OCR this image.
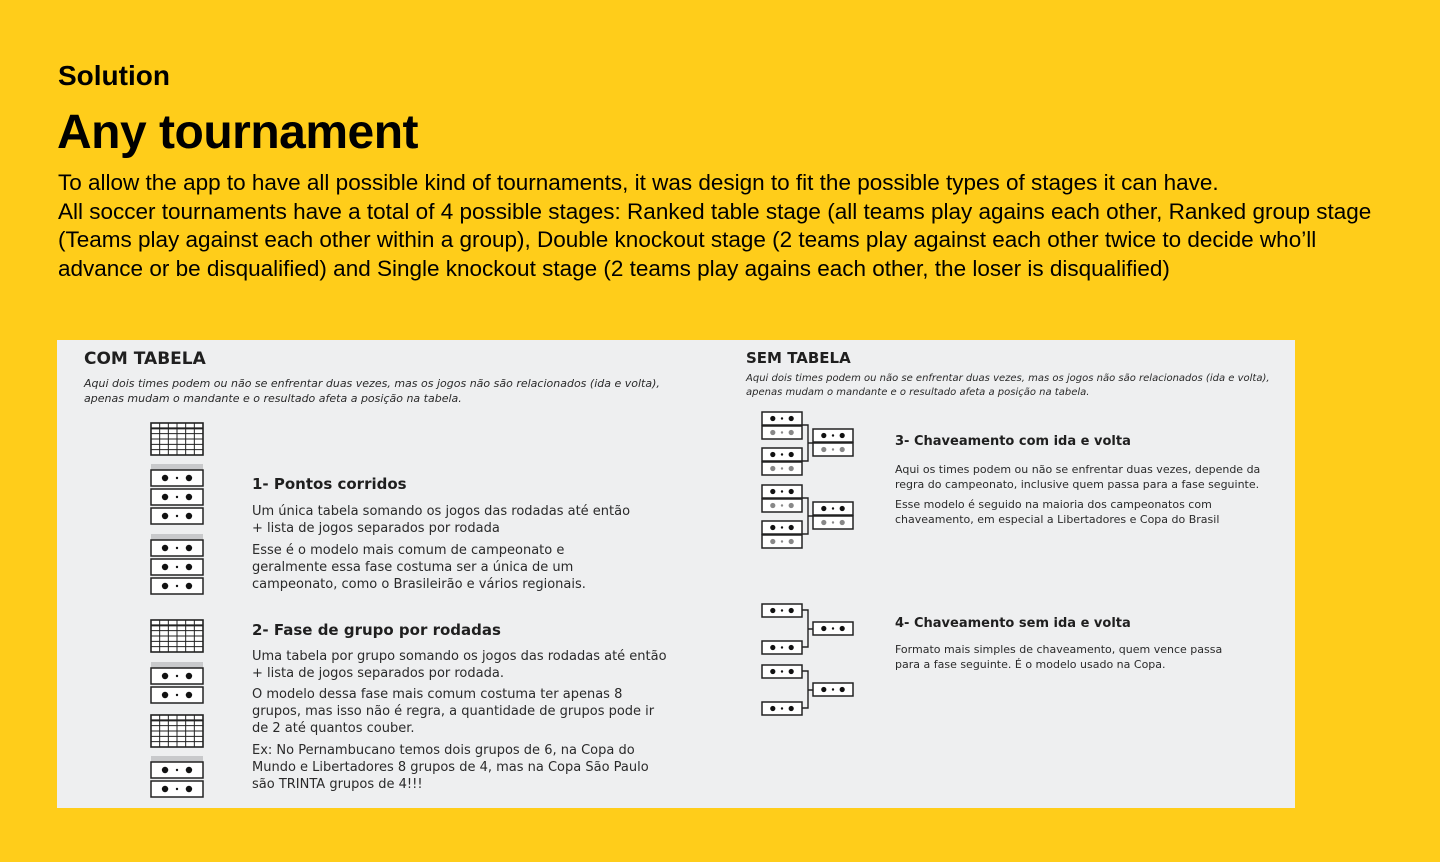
Solution
Any tournament

To allow the app to have all possible kind of tournaments, it was design to fit the possible types of stages it can have.

All soccer tournaments have a total of 4 possible stages: Ranked table stage (all teams play agains each other, Ranked group stage (Teams play against each other within a group), Double knockout stage (2 teams play against each other twice to decide who’ll advance or be disqualified) and Single knockout stage (2 teams play agains each other, the loser is disqualified)

COM TABELA
Aqui dois times podem ou não se enfrentar duas vezes, mas os jogos não são relacionados (ida e volta),
apenas mudam o mandante e o resultado afeta a posição na tabela.
1- Pontos corridos
Um única tabela somando os jogos das rodadas até então
+ lista de jogos separados por rodada
Esse é o modelo mais comum de campeonato e
geralmente essa fase costuma ser a única de um
campeonato, como o Brasileirão e vários regionais.
2- Fase de grupo por rodadas
Uma tabela por grupo somando os jogos das rodadas até então
+ lista de jogos separados por rodada.
O modelo dessa fase mais comum costuma ter apenas 8
grupos, mas isso não é regra, a quantidade de grupos pode ir
de 2 até quantos couber.
Ex: No Pernambucano temos dois grupos de 6, na Copa do
Mundo e Libertadores 8 grupos de 4, mas na Copa São Paulo
são TRINTA grupos de 4!!!
SEM TABELA
Aqui dois times podem ou não se enfrentar duas vezes, mas os jogos não são relacionados (ida e volta),
apenas mudam o mandante e o resultado afeta a posição na tabela.
3- Chaveamento com ida e volta
Aqui os times podem ou não se enfrentar duas vezes, depende da
regra do campeonato, inclusive quem passa para a fase seguinte.
Esse modelo é seguido na maioria dos campeonatos com
chaveamento, em especial a Libertadores e Copa do Brasil
4- Chaveamento sem ida e volta
Formato mais simples de chaveamento, quem vence passa
para a fase seguinte. É o modelo usado na Copa.
